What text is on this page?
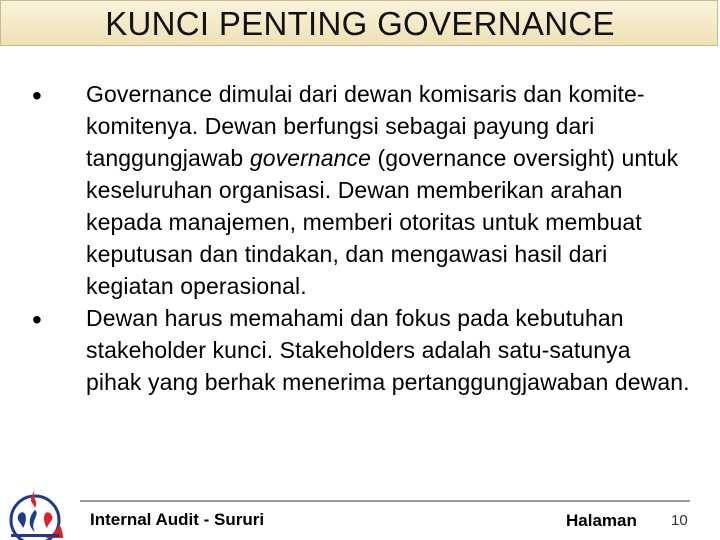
KUNCI PENTING GOVERNANCE
• Governance dimulai dari dewan komisaris dan komite-komitenya. Dewan berfungsi sebagai payung dari tanggungjawab governance (governance oversight) untuk keseluruhan organisasi. Dewan memberikan arahan kepada manajemen, memberi otoritas untuk membuat keputusan dan tindakan, dan mengawasi hasil dari kegiatan operasional.
• Dewan harus memahami dan fokus pada kebutuhan stakeholder kunci. Stakeholders adalah satu-satunya pihak yang berhak menerima pertanggungjawaban dewan.
Internal Audit - Sururi	Halaman 10
